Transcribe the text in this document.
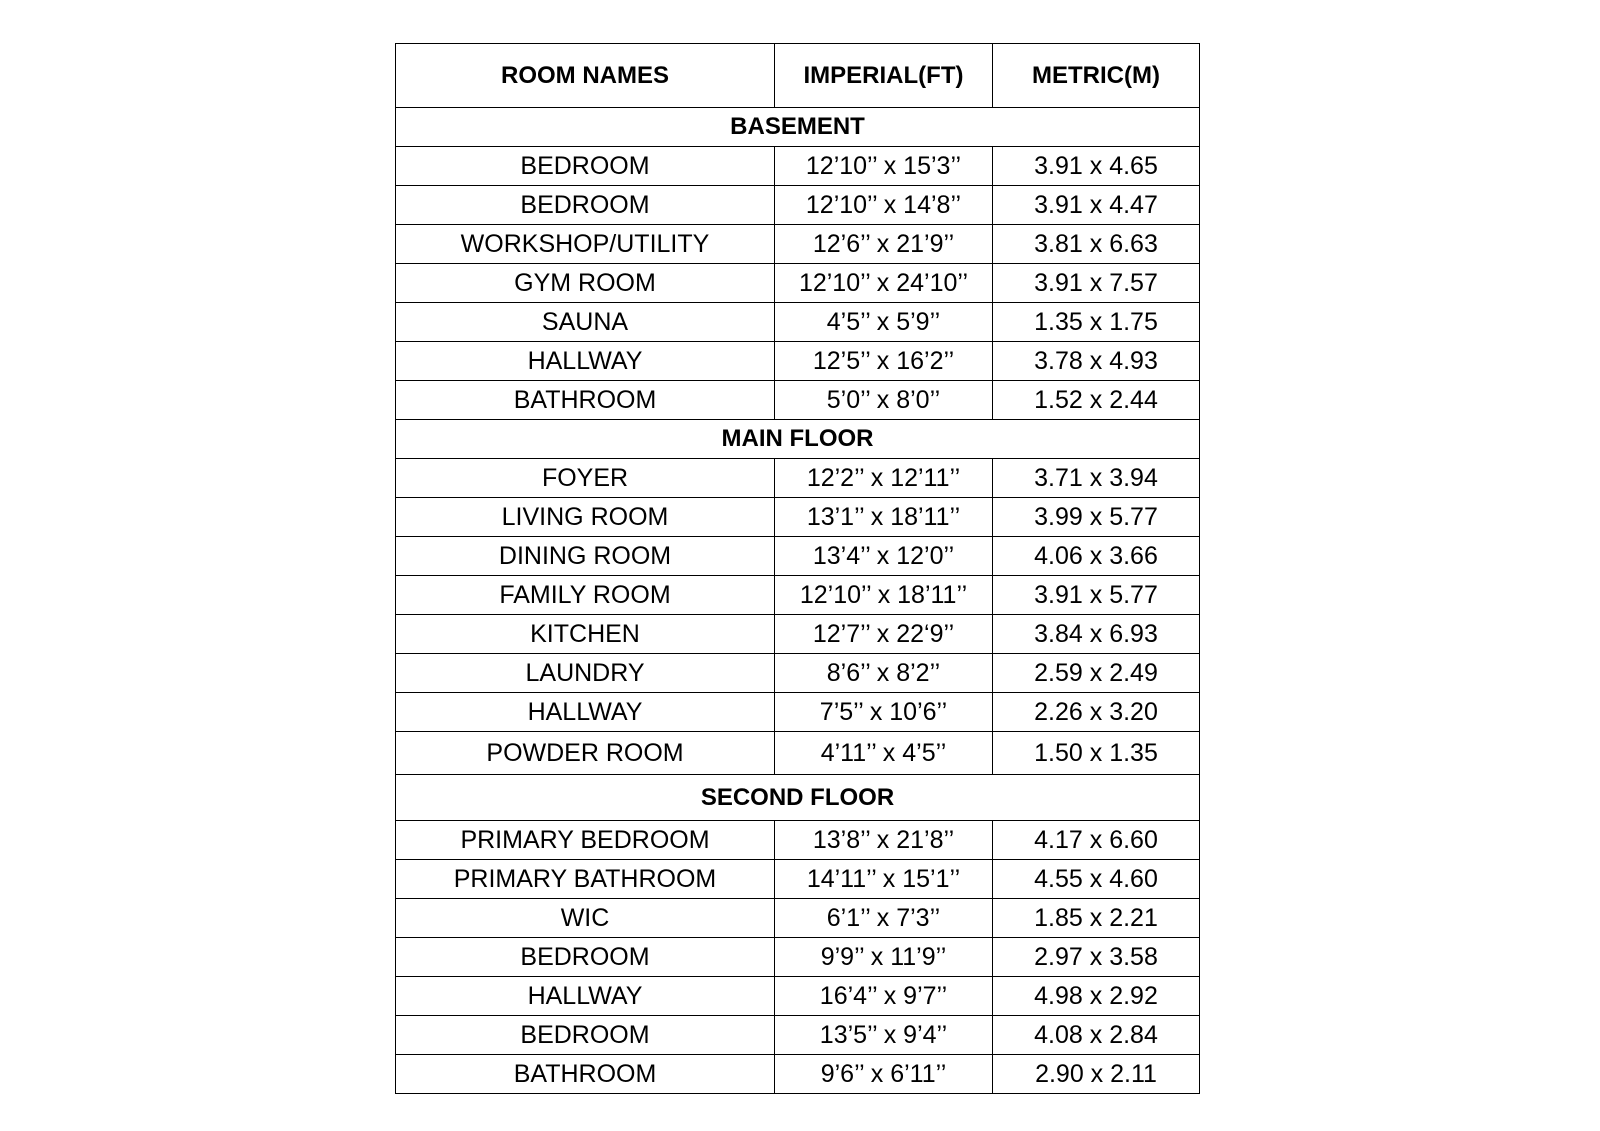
ROOM NAMES	IMPERIAL(FT)	METRIC(M)
BASEMENT		
BEDROOM	12’10’’ x 15’3’’	3.91 x 4.65
BEDROOM	12’10’’ x 14’8’’	3.91 x 4.47
WORKSHOP/UTILITY	12’6’’ x 21’9’’	3.81 x 6.63
GYM ROOM	12’10’’ x 24’10’’	3.91 x 7.57
SAUNA	4’5’’ x 5’9’’	1.35 x 1.75
HALLWAY	12’5’’ x 16’2’’	3.78 x 4.93
BATHROOM	5’0’’ x 8’0’’	1.52 x 2.44
MAIN FLOOR		
FOYER	12’2’’ x 12’11’’	3.71 x 3.94
LIVING ROOM	13’1’’ x 18’11’’	3.99 x 5.77
DINING ROOM	13’4’’ x 12’0’’	4.06 x 3.66
FAMILY ROOM	12’10’’ x 18’11’’	3.91 x 5.77
KITCHEN	12’7’’ x 22‘9’’	3.84 x 6.93
LAUNDRY	8’6’’ x 8’2’’	2.59 x 2.49
HALLWAY	7’5’’ x 10’6’’	2.26 x 3.20
POWDER ROOM	4’11’’ x 4’5’’	1.50 x 1.35
SECOND FLOOR		
PRIMARY BEDROOM	13’8’’ x 21’8’’	4.17 x 6.60
PRIMARY BATHROOM	14’11’’ x 15’1’’	4.55 x 4.60
WIC	6’1’’ x 7’3’’	1.85 x 2.21
BEDROOM	9’9’’ x 11’9’’	2.97 x 3.58
HALLWAY	16’4’’ x 9’7’’	4.98 x 2.92
BEDROOM	13’5’’ x 9’4’’	4.08 x 2.84
BATHROOM	9’6’’ x 6’11’’	2.90 x 2.11
